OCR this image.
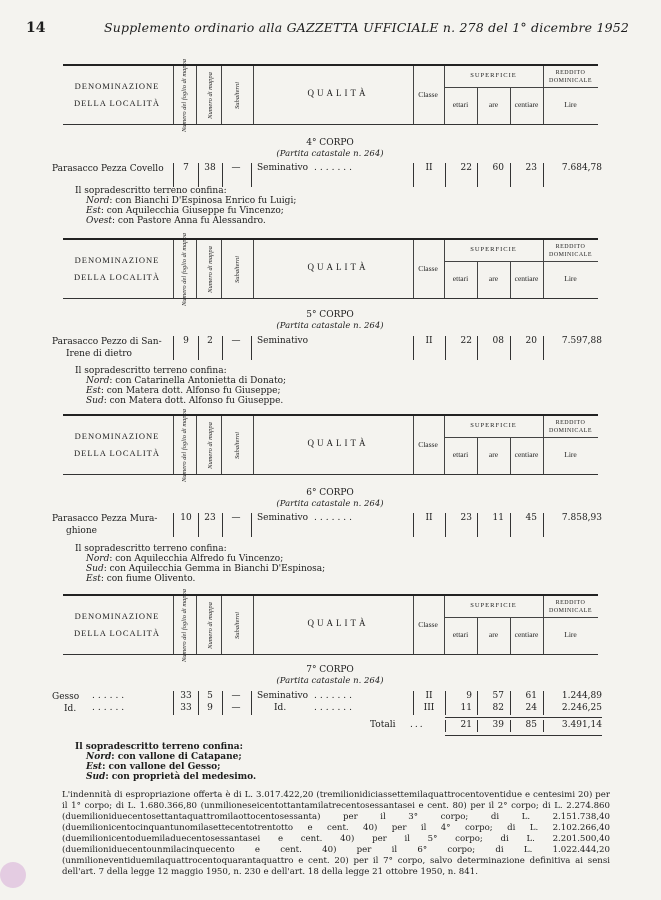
14	Supplemento ordinario alla GAZZETTA UFFICIALE n. 278 del 1° dicembre 1952
DENOMINAZIONE
DELLA LOCALITÀ	Numero del foglio di mappa	Numero di mappa	Subalterni	QUALITÀ	Classe
SUPERFICIE
ettari	are	centiare
REDDITO
DOMINICALE
Lire
4° CORPO
(Partita catastale n. 264)
Parasacco Pezza Covello	7	38	—	Seminativo .......	II	22	60	23	7.684,78
Il sopradescritto terreno confina:
Nord: con Bianchi D'Espinosa Enrico fu Luigi;
Est: con Aquilecchia Giuseppe fu Vincenzo;
Ovest: con Pastore Anna fu Alessandro.
DENOMINAZIONE
DELLA LOCALITÀ	Numero del foglio di mappa	Numero di mappa	Subalterni	QUALITÀ	Classe
SUPERFICIE
ettari	are	centiare
REDDITO
DOMINICALE
Lire
5° CORPO
(Partita catastale n. 264)
Parasacco Pezzo di San-
Irene di dietro
9	2	—	Seminativo	II	22	08	20	7.597,88
Il sopradescritto terreno confina:
Nord: con Catarinella Antonietta di Donato;
Est: con Matera dott. Alfonso fu Giuseppe;
Sud: con Matera dott. Alfonso fu Giuseppe.
DENOMINAZIONE
DELLA LOCALITÀ	Numero del foglio di mappa	Numero di mappa	Subalterni	QUALITÀ	Classe
SUPERFICIE
ettari	are	centiare
REDDITO
DOMINICALE
Lire
6° CORPO
(Partita catastale n. 264)
Parasacco Pezza Mura-
ghione
10	23	—	Seminativo .......	II	23	11	45	7.858,93
Il sopradescritto terreno confina:
Nord: con Aquilecchia Alfredo fu Vincenzo;
Sud: con Aquilecchia Gemma in Bianchi D'Espinosa;
Est: con fiume Olivento.
DENOMINAZIONE
DELLA LOCALITÀ	Numero del foglio di mappa	Numero di mappa	Subalterni	QUALITÀ	Classe
SUPERFICIE
ettari	are	centiare
REDDITO
DOMINICALE
Lire
7° CORPO
(Partita catastale n. 264)
Gesso	......	33	5	—	Seminativo .......	II	9	57	61	1.244,89
Id.	......	33	9	—	Id.	.......	III	11	82	24	2.246,25
Totali	...	21	39	85	3.491,14
Il sopradescritto terreno confina:
Nord: con vallone di Catapane;
Est: con vallone del Gesso;
Sud: con proprietà del medesimo.
L'indennità di espropriazione offerta è di L. 3.017.422,20 (tremilionidiciassettemilaquattrocentoventidue e centesimi 20) per il 1° corpo; di L. 1.680.366,80 (unmilioneseicentottantamilatrecentosessantasei e cent. 80) per il 2° corpo; di L. 2.274.860 (duemilioniduecentosettantaquattromilaottocentosessanta) per il 3° corpo; di L. 2.151.738,40 (duemilionicentocinquantunomilasettecentotrentotto e cent. 40) per il 4° corpo; di L. 2.102.266,40 (duemilionicentoduemiladuecentosessantasei e cent. 40) per il 5° corpo; di L. 2.201.500,40 (duemilioniduecentounmilacinquecento e cent. 40) per il 6° corpo; di L. 1.022.444,20 (unmilioneventiduemilaquattrocentoquarantaquattro e cent. 20) per il 7° corpo, salvo determinazione definitiva ai sensi dell'art. 7 della legge 12 maggio 1950, n. 230 e dell'art. 18 della legge 21 ottobre 1950, n. 841.
